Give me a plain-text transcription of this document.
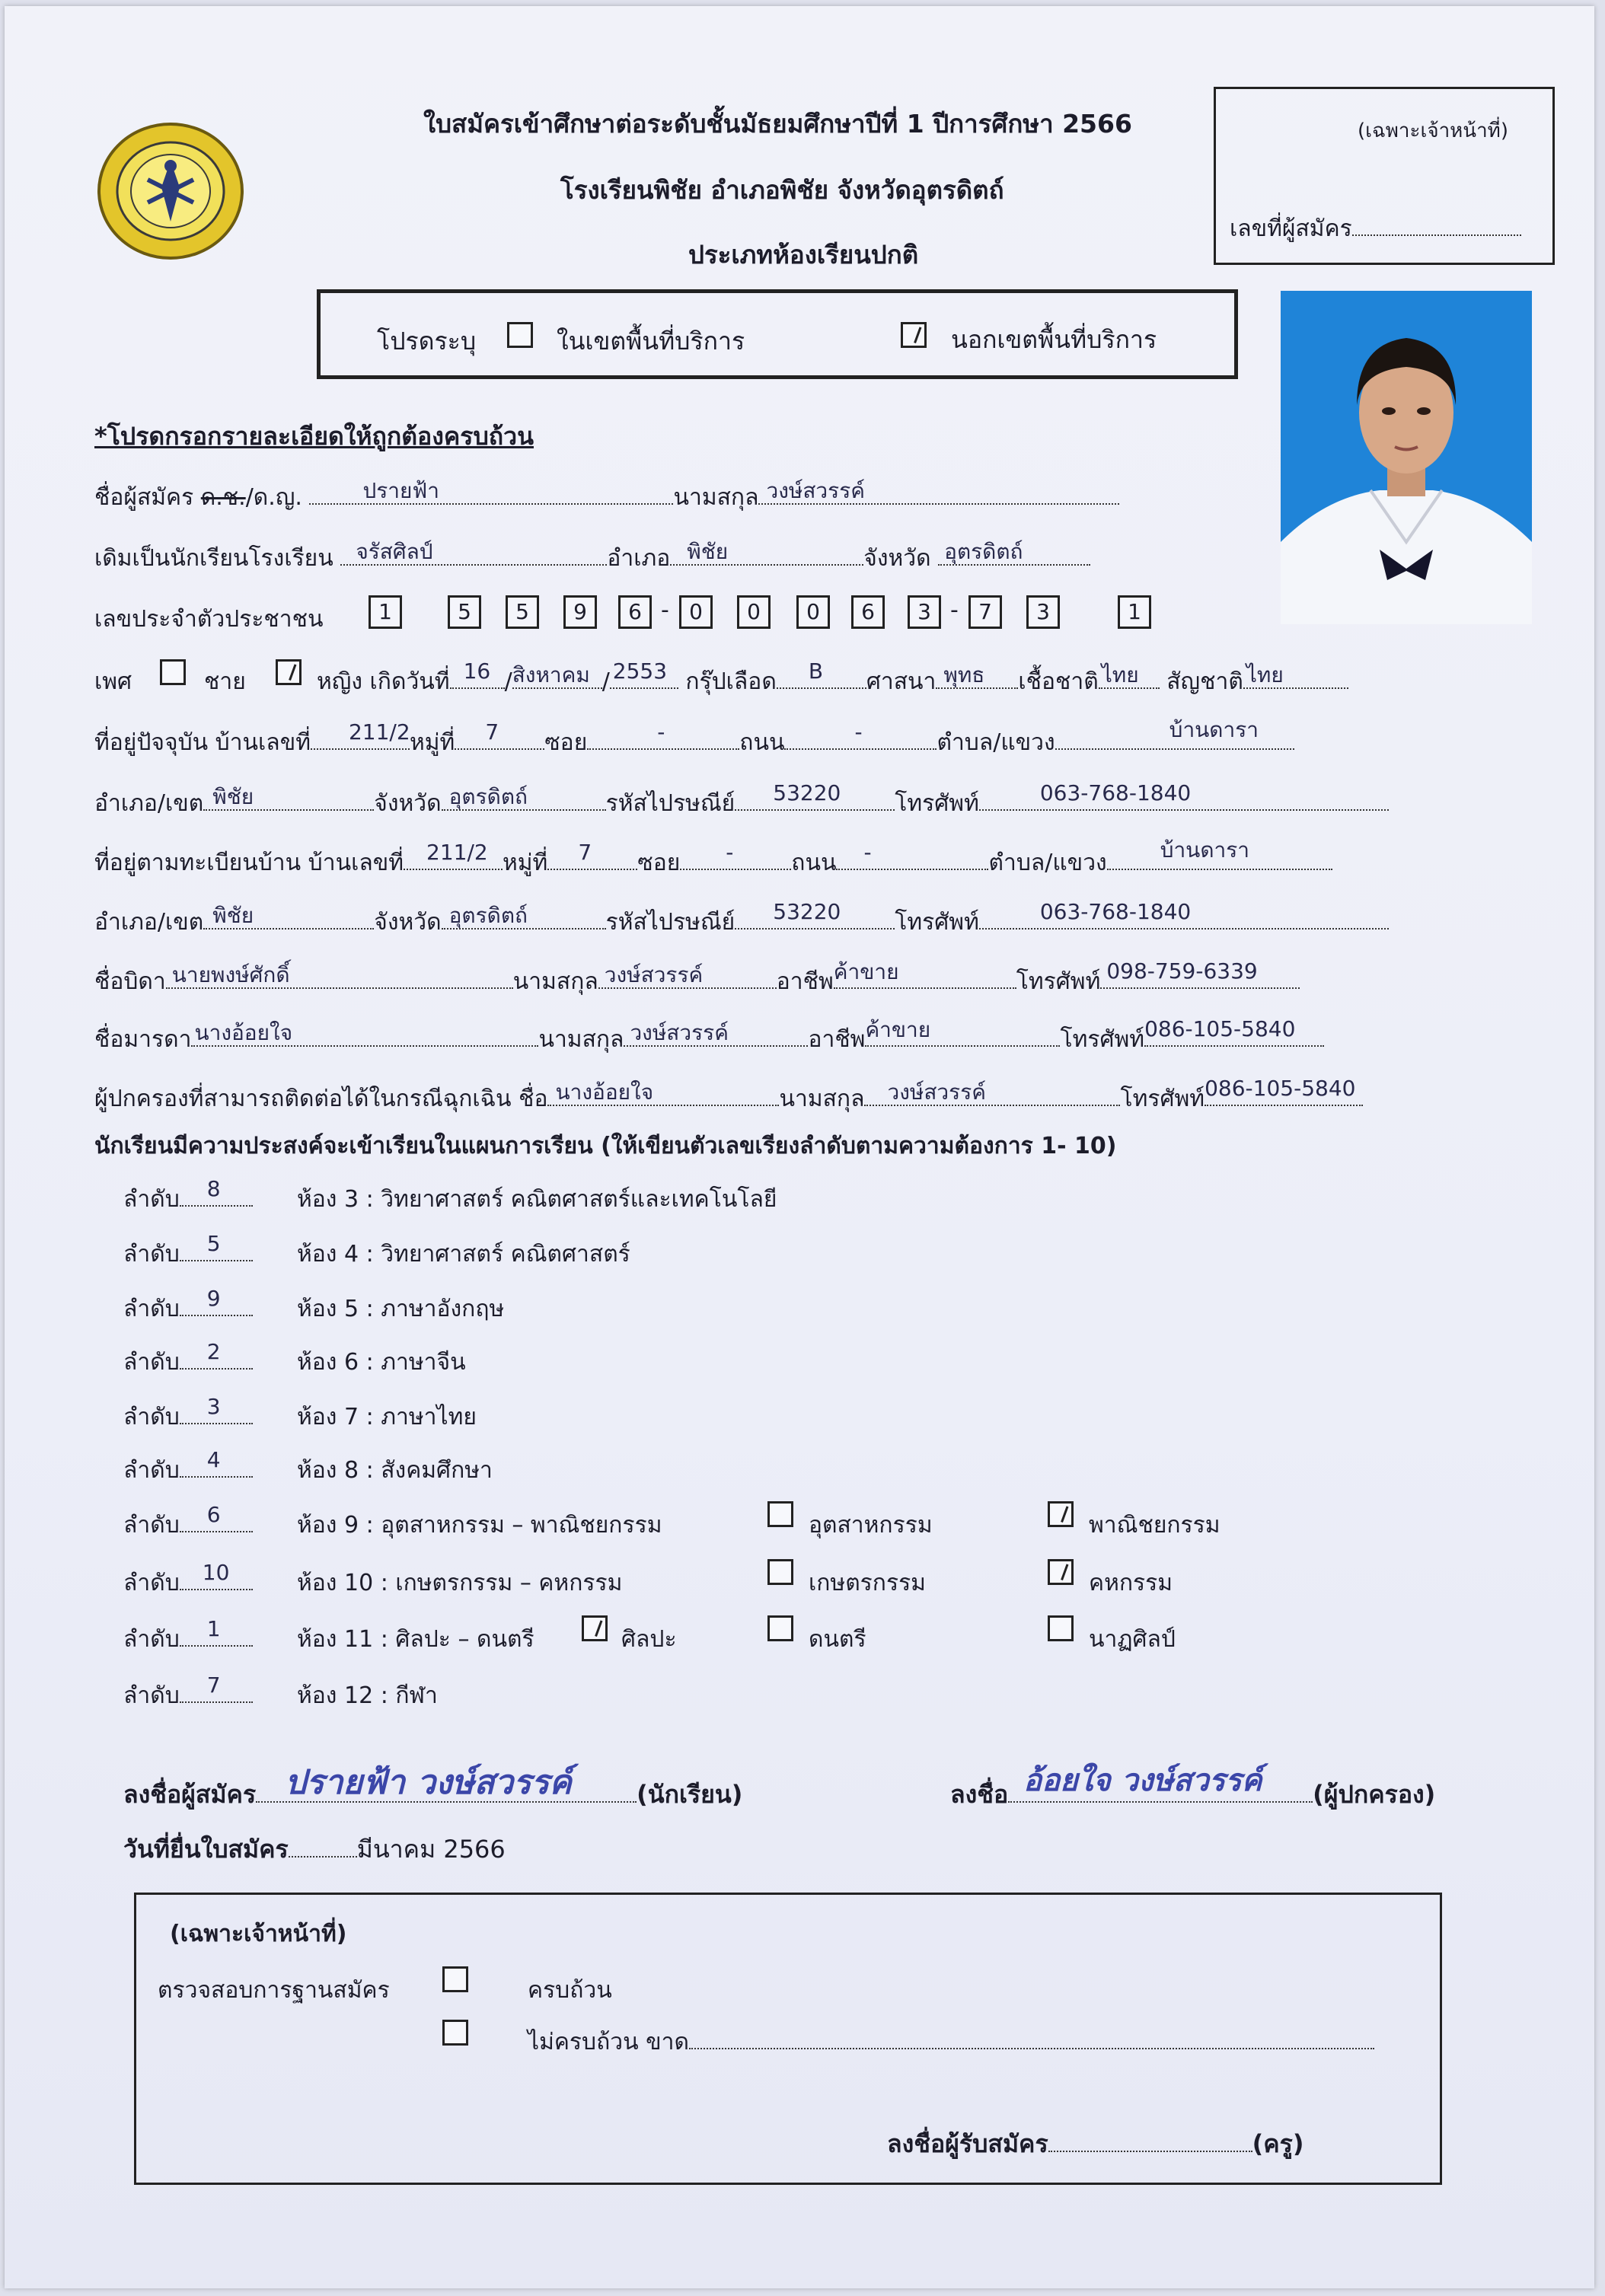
ใบสมัครเข้าศึกษาต่อระดับชั้นมัธยมศึกษาปีที่ 1 ปีการศึกษา 2566
โรงเรียนพิชัย อำเภอพิชัย จังหวัดอุตรดิตถ์
ประเภทห้องเรียนปกติ
(เฉพาะเจ้าหน้าที่)
เลขที่ผู้สมัคร
โปรดระบุ	ในเขตพื้นที่บริการ	นอกเขตพื้นที่บริการ
*โปรดกรอกรายละเอียดให้ถูกต้องครบถ้วน
ชื่อผู้สมัคร ด.ช./ด.ญ.	ปรายฟ้า	นามสกุล วงษ์สวรรค์
เดิมเป็นนักเรียนโรงเรียน จรัสศิลป์	อำเภอ พิชัย	จังหวัด อุตรดิตถ์
เลขประจำตัวประชาชน	1	5	5	9	6 - 0	0	0	6	3 - 7	3	1
เพศ	ชาย	หญิง เกิดวันที่ 16 / สิงหาคม / 2553 กรุ๊ปเลือด B ศาสนา พุทธ เชื้อชาติ ไทย สัญชาติ ไทย
ที่อยู่ปัจจุบัน บ้านเลขที่ 211/2 หมู่ที่ 7 ซอย	-	ถนน	-	ตำบล/แขวง	บ้านดารา
อำเภอ/เขต พิชัย	จังหวัด อุตรดิตถ์	รหัสไปรษณีย์ 53220 โทรศัพท์	063-768-1840
ที่อยู่ตามทะเบียนบ้าน บ้านเลขที่ 211/2 หมู่ที่ 7 ซอย -	ถนน -	ตำบล/แขวง	บ้านดารา
อำเภอ/เขต พิชัย	จังหวัด อุตรดิตถ์	รหัสไปรษณีย์ 53220 โทรศัพท์	063-768-1840
ชื่อบิดา นายพงษ์ศักดิ์	นามสกุล วงษ์สวรรค์	อาชีพ ค้าขาย	โทรศัพท์ 098-759-6339
ชื่อมารดา นางอ้อยใจ	นามสกุล วงษ์สวรรค์	อาชีพ ค้าขาย	โทรศัพท์ 086-105-5840
ผู้ปกครองที่สามารถติดต่อได้ในกรณีฉุกเฉิน ชื่อ นางอ้อยใจ	นามสกุล วงษ์สวรรค์	โทรศัพท์ 086-105-5840
นักเรียนมีความประสงค์จะเข้าเรียนในแผนการเรียน (ให้เขียนตัวเลขเรียงลำดับตามความต้องการ 1- 10)
ลำดับ 8	ห้อง 3 : วิทยาศาสตร์ คณิตศาสตร์และเทคโนโลยี
ลำดับ 5	ห้อง 4 : วิทยาศาสตร์ คณิตศาสตร์
ลำดับ 9	ห้อง 5 : ภาษาอังกฤษ
ลำดับ 2	ห้อง 6 : ภาษาจีน
ลำดับ 3	ห้อง 7 : ภาษาไทย
ลำดับ 4	ห้อง 8 : สังคมศึกษา
ลำดับ 6	ห้อง 9 : อุตสาหกรรม – พาณิชยกรรม	อุตสาหกรรม	พาณิชยกรรม
ลำดับ 10	ห้อง 10 : เกษตรกรรม – คหกรรม	เกษตรกรรม	คหกรรม
ลำดับ 1	ห้อง 11 : ศิลปะ – ดนตรี	ศิลปะ	ดนตรี	นาฏศิลป์
ลำดับ 7	ห้อง 12 : กีฬา
ลงชื่อผู้สมัคร ปรายฟ้า วงษ์สวรรค์	(นักเรียน)	ลงชื่อ อ้อยใจ วงษ์สวรรค์ (ผู้ปกครอง)
วันที่ยื่นใบสมัคร	มีนาคม 2566
(เฉพาะเจ้าหน้าที่)
ตรวจสอบการฐานสมัคร	ครบถ้วน
ไม่ครบถ้วน ขาด
ลงชื่อผู้รับสมัคร	(ครู)
